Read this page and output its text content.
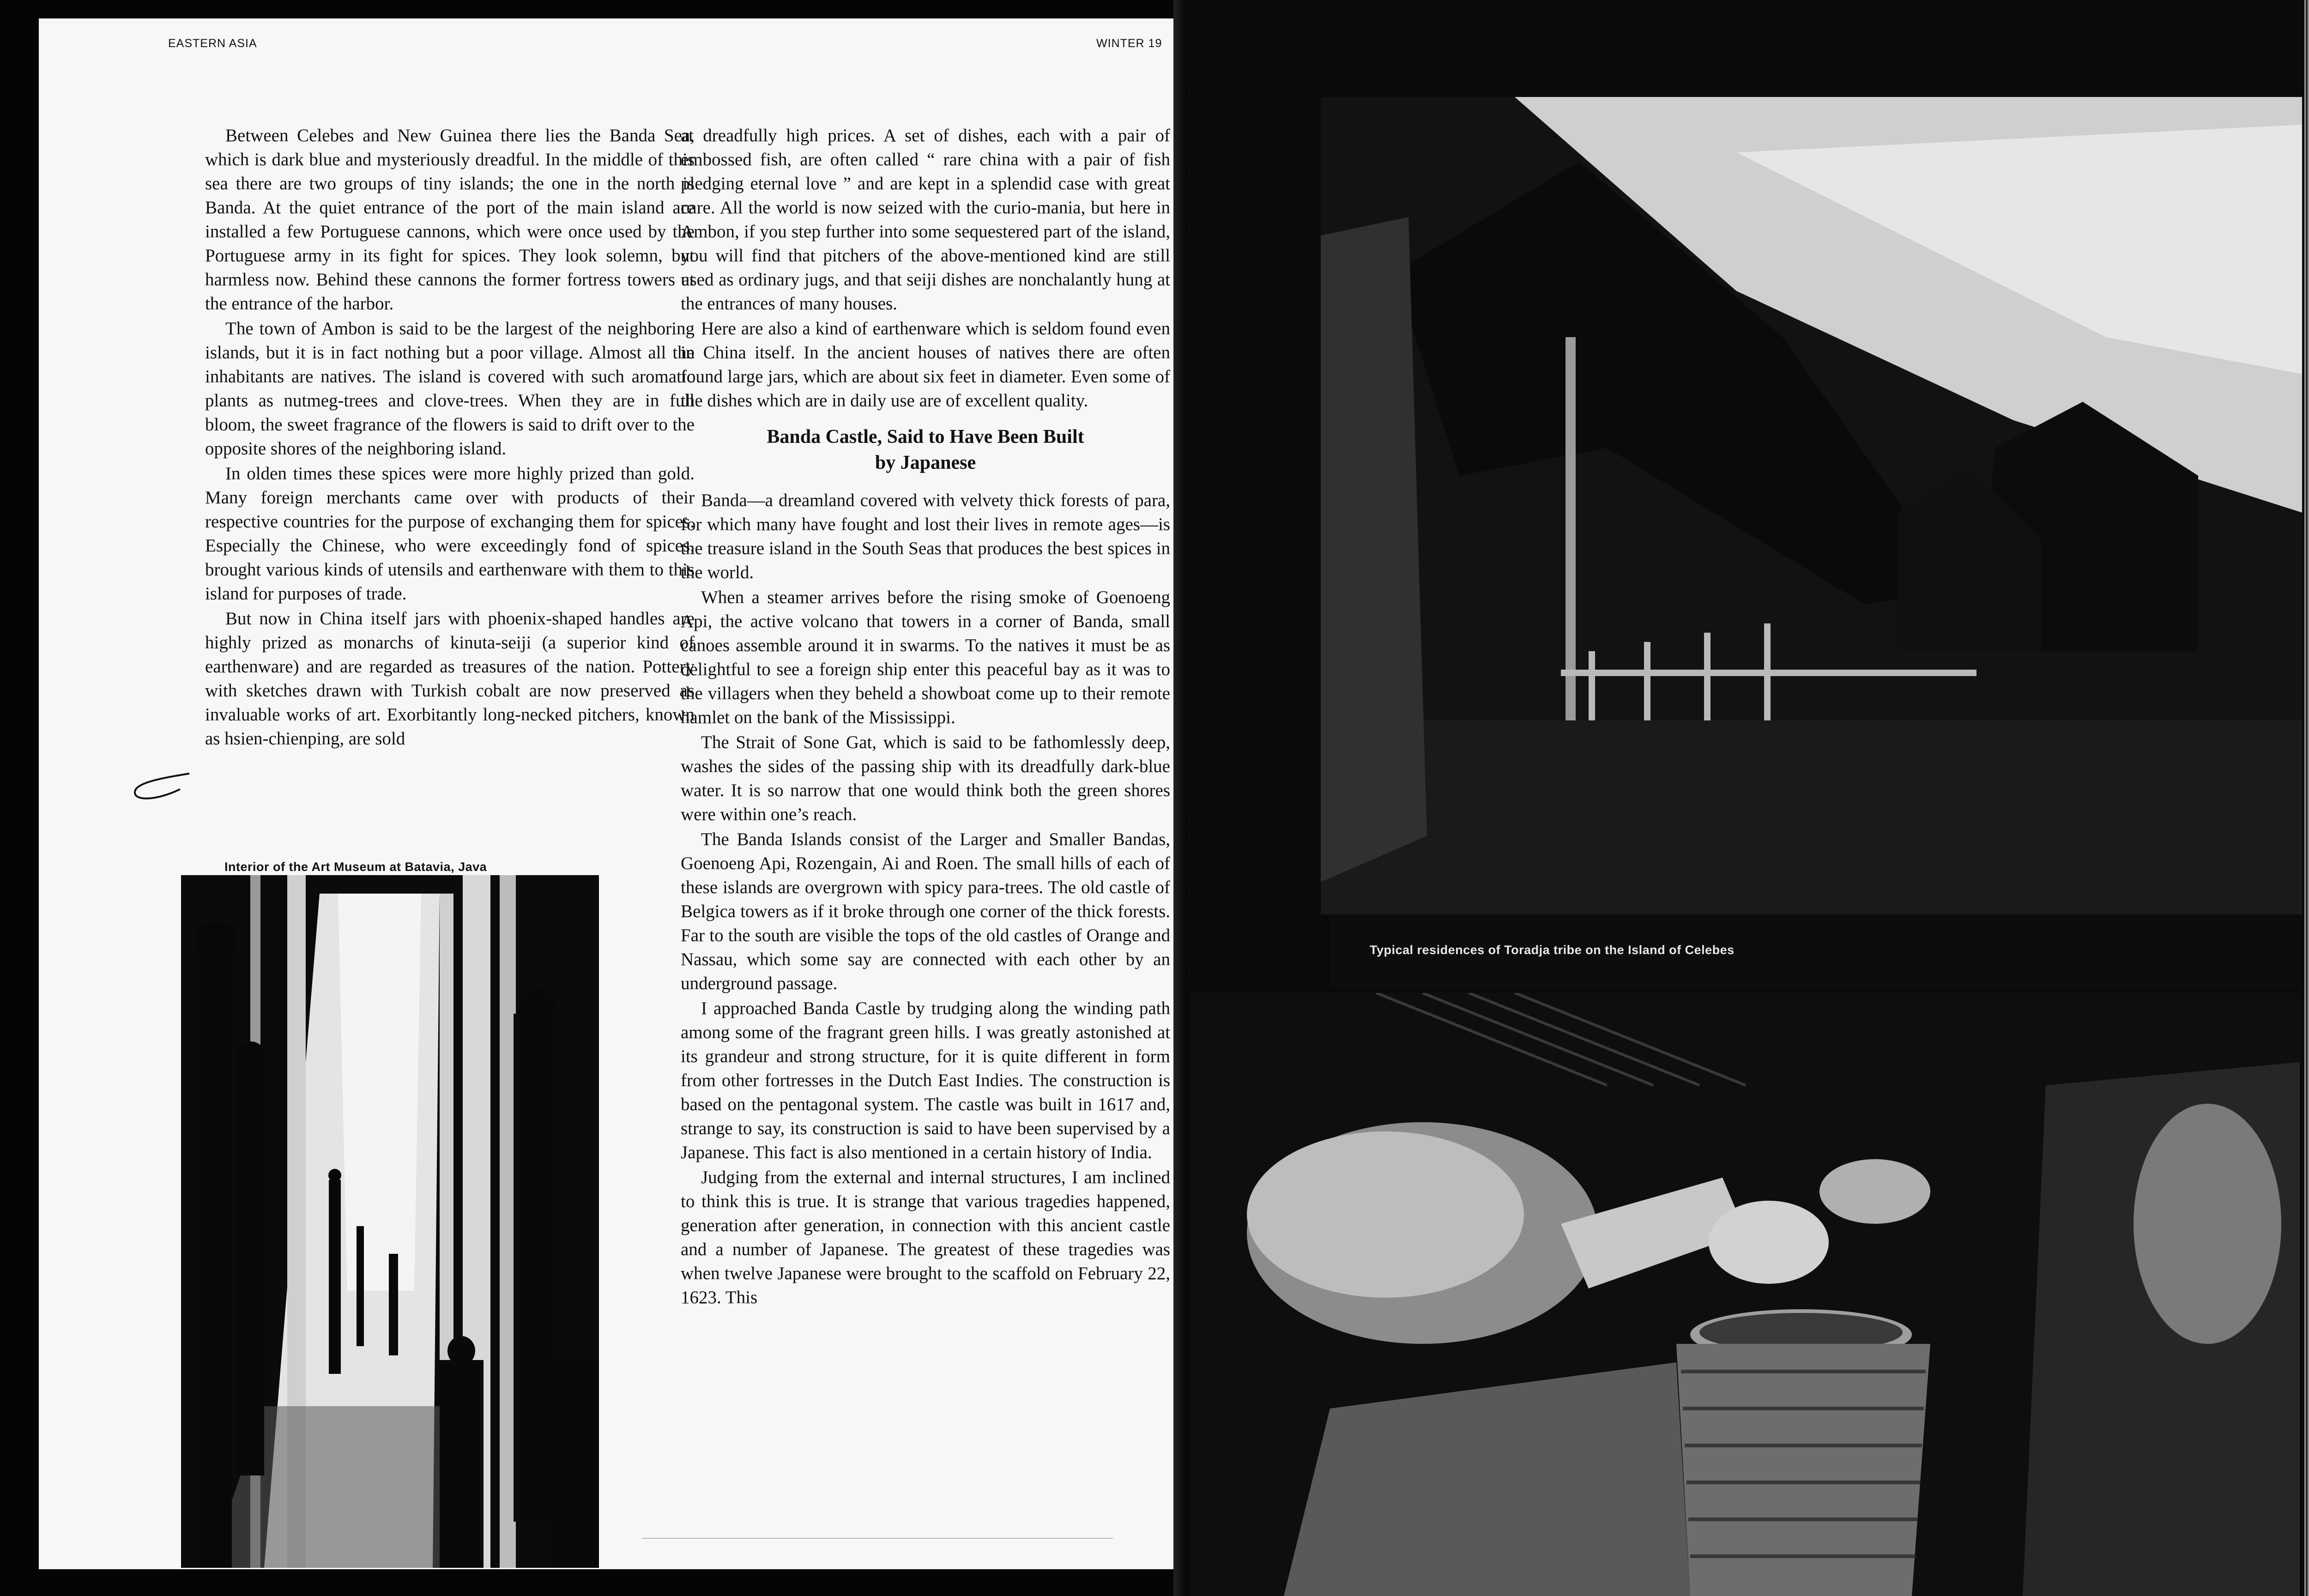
EASTERN ASIA	WINTER 19

Between Celebes and New Guinea there lies the Banda Sea, which is dark blue and mysteriously dreadful. In the middle of this sea there are two groups of tiny islands; the one in the north is Banda. At the quiet entrance of the port of the main island are installed a few Portuguese cannons, which were once used by the Portuguese army in its fight for spices. They look solemn, but harmless now. Behind these cannons the former fortress towers at the entrance of the harbor.

The town of Ambon is said to be the largest of the neighboring islands, but it is in fact nothing but a poor village. Almost all the inhabitants are natives. The island is covered with such aromatic plants as nutmeg-trees and clove-trees. When they are in full bloom, the sweet fragrance of the flowers is said to drift over to the opposite shores of the neighboring island.

In olden times these spices were more highly prized than gold. Many foreign merchants came over with products of their respective countries for the purpose of exchanging them for spices. Especially the Chinese, who were exceedingly fond of spices, brought various kinds of utensils and earthenware with them to this island for purposes of trade.

But now in China itself jars with phoenix-shaped handles are highly prized as monarchs of kinuta-seiji (a superior kind of earthenware) and are regarded as treasures of the nation. Pottery with sketches drawn with Turkish cobalt are now preserved as invaluable works of art. Exorbitantly long-necked pitchers, known as hsien-chienping, are sold

at dreadfully high prices. A set of dishes, each with a pair of embossed fish, are often called “ rare china with a pair of fish pledging eternal love ” and are kept in a splendid case with great care. All the world is now seized with the curio-mania, but here in Ambon, if you step further into some sequestered part of the island, you will find that pitchers of the above-mentioned kind are still used as ordinary jugs, and that seiji dishes are nonchalantly hung at the entrances of many houses.

Here are also a kind of earthenware which is seldom found even in China itself. In the ancient houses of natives there are often found large jars, which are about six feet in diameter. Even some of the dishes which are in daily use are of excellent quality.

Banda Castle, Said to Have Been Built
by Japanese

Banda—a dreamland covered with velvety thick forests of para, for which many have fought and lost their lives in remote ages—is the treasure island in the South Seas that produces the best spices in the world.

When a steamer arrives before the rising smoke of Goenoeng Api, the active volcano that towers in a corner of Banda, small canoes assemble around it in swarms. To the natives it must be as delightful to see a foreign ship enter this peaceful bay as it was to the villagers when they beheld a showboat come up to their remote hamlet on the bank of the Mississippi.

The Strait of Sone Gat, which is said to be fathomlessly deep, washes the sides of the passing ship with its dreadfully dark-blue water. It is so narrow that one would think both the green shores were within one’s reach.

The Banda Islands consist of the Larger and Smaller Bandas, Goenoeng Api, Rozengain, Ai and Roen. The small hills of each of these islands are overgrown with spicy para-trees. The old castle of Belgica towers as if it broke through one corner of the thick forests. Far to the south are visible the tops of the old castles of Orange and Nassau, which some say are connected with each other by an underground passage.

I approached Banda Castle by trudging along the winding path among some of the fragrant green hills. I was greatly astonished at its grandeur and strong structure, for it is quite different in form from other fortresses in the Dutch East Indies. The construction is based on the pentagonal system. The castle was built in 1617 and, strange to say, its construction is said to have been supervised by a Japanese. This fact is also mentioned in a certain history of India.

Judging from the external and internal structures, I am inclined to think this is true. It is strange that various tragedies happened, generation after generation, in connection with this ancient castle and a number of Japanese. The greatest of these tragedies was when twelve Japanese were brought to the scaffold on February 22, 1623. This

Interior of the Art Museum at Batavia, Java

Typical residences of Toradja tribe on the Island of Celebes
